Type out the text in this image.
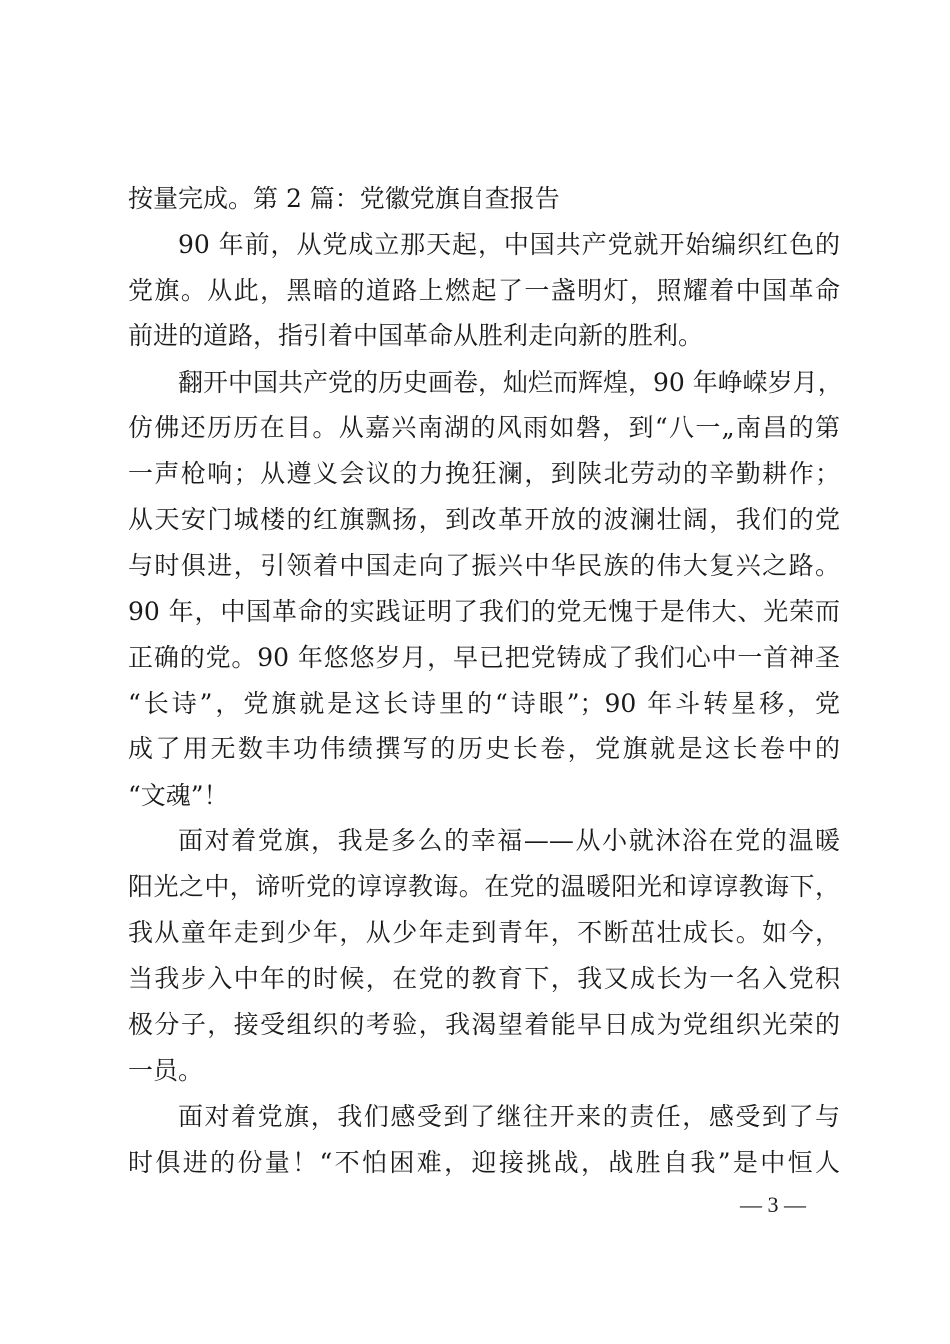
按量完成。第 2 篇：党徽党旗自查报告
90 年前，从党成立那天起，中国共产党就开始编织红色的
党旗。从此，黑暗的道路上燃起了一盏明灯，照耀着中国革命
前进的道路，指引着中国革命从胜利走向新的胜利。
翻开中国共产党的历史画卷，灿烂而辉煌，90 年峥嵘岁月，
仿佛还历历在目。从嘉兴南湖的风雨如磐，到“八一„南昌的第
一声枪响；从遵义会议的力挽狂澜，到陕北劳动的辛勤耕作；
从天安门城楼的红旗飘扬，到改革开放的波澜壮阔，我们的党
与时俱进，引领着中国走向了振兴中华民族的伟大复兴之路。
90 年，中国革命的实践证明了我们的党无愧于是伟大、光荣而
正确的党。90 年悠悠岁月，早已把党铸成了我们心中一首神圣
“长诗”，党旗就是这长诗里的“诗眼”；90 年斗转星移，党
成了用无数丰功伟绩撰写的历史长卷，党旗就是这长卷中的
“文魂”！
面对着党旗，我是多么的幸福——从小就沐浴在党的温暖
阳光之中，谛听党的谆谆教诲。在党的温暖阳光和谆谆教诲下，
我从童年走到少年，从少年走到青年，不断茁壮成长。如今，
当我步入中年的时候，在党的教育下，我又成长为一名入党积
极分子，接受组织的考验，我渴望着能早日成为党组织光荣的
一员。
面对着党旗，我们感受到了继往开来的责任，感受到了与
时俱进的份量！“不怕困难，迎接挑战，战胜自我”是中恒人
— 3 —
